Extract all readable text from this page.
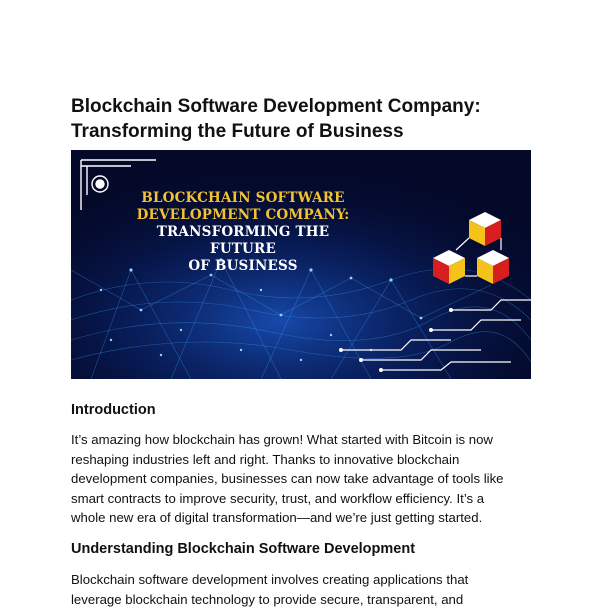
Blockchain Software Development Company:
Transforming the Future of Business
BLOCKCHAIN SOFTWARE
DEVELOPMENT COMPANY:
TRANSFORMING THE FUTURE
OF BUSINESS
Introduction

It’s amazing how blockchain has grown! What started with Bitcoin is now
reshaping industries left and right. Thanks to innovative blockchain
development companies, businesses can now take advantage of tools like
smart contracts to improve security, trust, and workflow efficiency. It’s a
whole new era of digital transformation—and we’re just getting started.

Understanding Blockchain Software Development

Blockchain software development involves creating applications that
leverage blockchain technology to provide secure, transparent, and
